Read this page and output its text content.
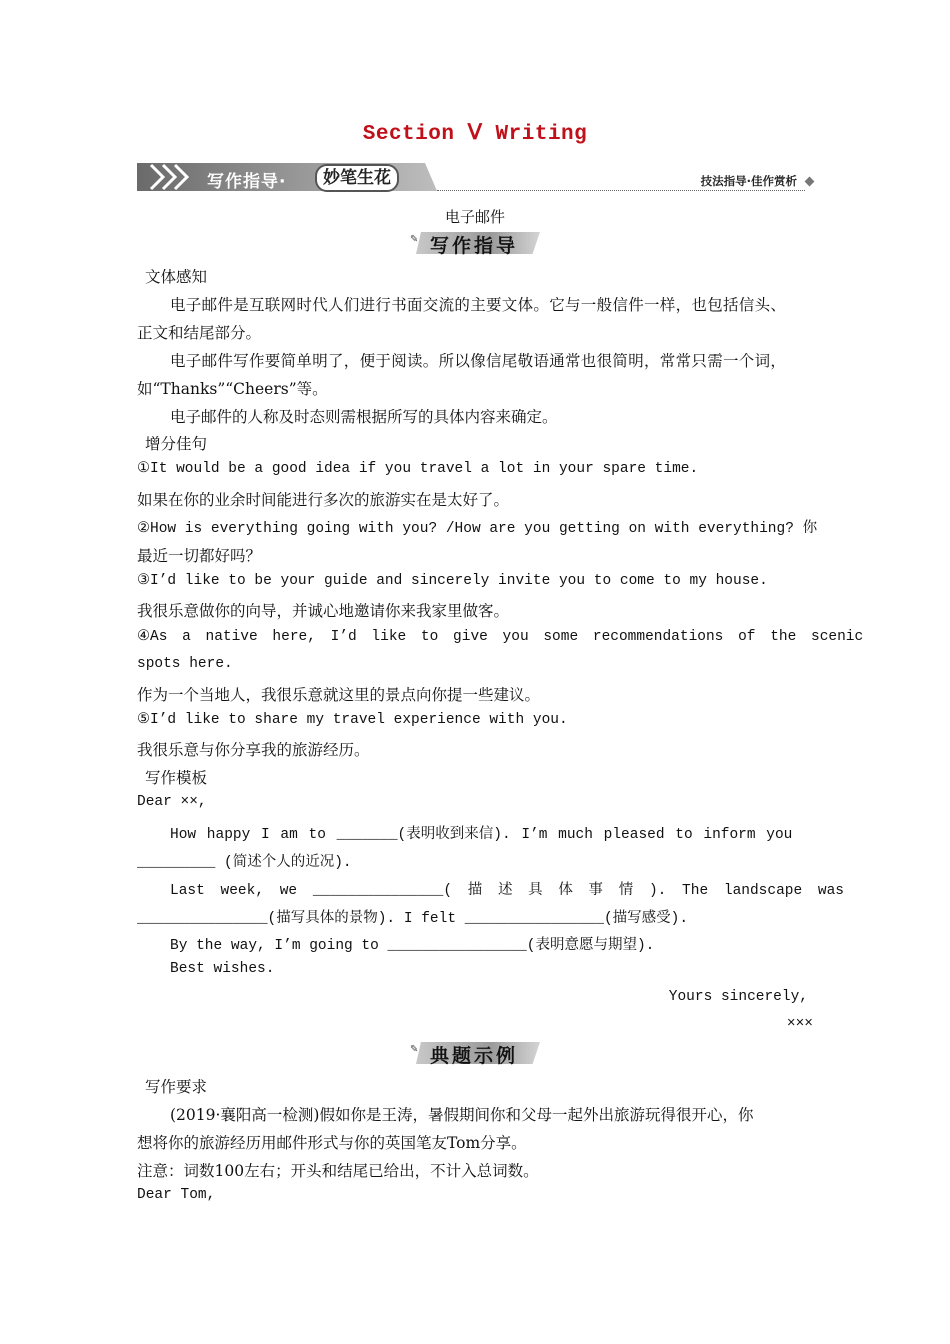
Section Ⅴ Writing
写作指导·	妙笔生花	技法指导·佳作赏析
电子邮件
✎ 写作指导
文体感知
电子邮件是互联网时代人们进行书面交流的主要文体。它与一般信件一样，也包括信头、
正文和结尾部分。
电子邮件写作要简单明了，便于阅读。所以像信尾敬语通常也很简明，常常只需一个词，
如“Thanks”“Cheers”等。
电子邮件的人称及时态则需根据所写的具体内容来确定。
增分佳句
①It would be a good idea if you travel a lot in your spare time.
如果在你的业余时间能进行多次的旅游实在是太好了。
②How is everything going with you? /How are you getting on with everything? 你
最近一切都好吗？
③I’d like to be your guide and sincerely invite you to come to my house.
我很乐意做你的向导，并诚心地邀请你来我家里做客。
④As a native here, I’d like to give you some recommendations of the scenic
spots here.
作为一个当地人，我很乐意就这里的景点向你提一些建议。
⑤I’d like to share my travel experience with you.
我很乐意与你分享我的旅游经历。
写作模板
Dear ××,
How happy I am to _______(表明收到来信). I’m much pleased to inform you
_________ (简述个人的近况).
Last week, we _______________( 描 述 具 体 事 情 ). The landscape was
_______________(描写具体的景物). I felt ________________(描写感受).
By the way, I’m going to ________________(表明意愿与期望).
Best wishes.
Yours sincerely,
×××
✎ 典题示例
写作要求
(2019·襄阳高一检测)假如你是王涛，暑假期间你和父母一起外出旅游玩得很开心，你
想将你的旅游经历用邮件形式与你的英国笔友Tom分享。
注意：词数100左右；开头和结尾已给出，不计入总词数。
Dear Tom,
